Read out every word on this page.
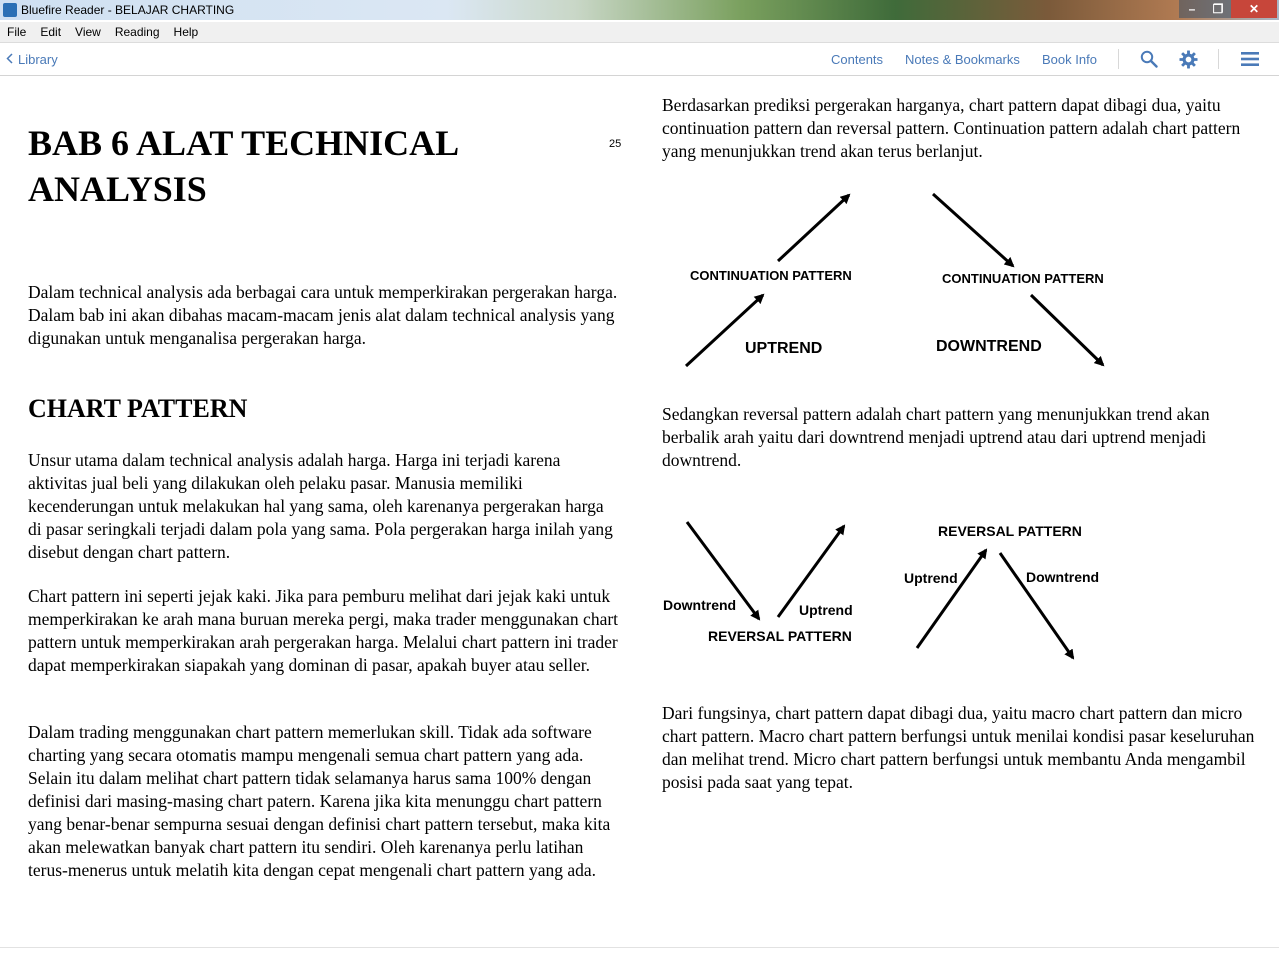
Bluefire Reader - BELAJAR CHARTING	–	❐	✕
File	Edit	View	Reading	Help
Library	Contents Notes & Bookmarks Book Info
BAB 6 ALAT TECHNICAL ANALYSIS
25

Dalam technical analysis ada berbagai cara untuk memperkirakan pergerakan harga. Dalam bab ini akan dibahas macam-macam jenis alat dalam technical analysis yang digunakan untuk menganalisa pergerakan harga.

CHART PATTERN

Unsur utama dalam technical analysis adalah harga. Harga ini terjadi karena aktivitas jual beli yang dilakukan oleh pelaku pasar. Manusia memiliki kecenderungan untuk melakukan hal yang sama, oleh karenanya pergerakan harga di pasar seringkali terjadi dalam pola yang sama. Pola pergerakan harga inilah yang disebut dengan chart pattern.

Chart pattern ini seperti jejak kaki. Jika para pemburu melihat dari jejak kaki untuk memperkirakan ke arah mana buruan mereka pergi, maka trader menggunakan chart pattern untuk memperkirakan arah pergerakan harga. Melalui chart pattern ini trader dapat memperkirakan siapakah yang dominan di pasar, apakah buyer atau seller.

Dalam trading menggunakan chart pattern memerlukan skill. Tidak ada software charting yang secara otomatis mampu mengenali semua chart pattern yang ada. Selain itu dalam melihat chart pattern tidak selamanya harus sama 100% dengan definisi dari masing-masing chart patern. Karena jika kita menunggu chart pattern yang benar-benar sempurna sesuai dengan definisi chart pattern tersebut, maka kita akan melewatkan banyak chart pattern itu sendiri. Oleh karenanya perlu latihan terus-menerus untuk melatih kita dengan cepat mengenali chart pattern yang ada.

Berdasarkan prediksi pergerakan harganya, chart pattern dapat dibagi dua, yaitu continuation pattern dan reversal pattern. Continuation pattern adalah chart pattern yang menunjukkan trend akan terus berlanjut.

CONTINUATION PATTERN
UPTREND
CONTINUATION PATTERN
DOWNTREND

Sedangkan reversal pattern adalah chart pattern yang menunjukkan trend akan berbalik arah yaitu dari downtrend menjadi uptrend atau dari uptrend menjadi downtrend.

Downtrend	Uptrend
REVERSAL PATTERN
REVERSAL PATTERN
Uptrend	Downtrend

Dari fungsinya, chart pattern dapat dibagi dua, yaitu macro chart pattern dan micro chart pattern. Macro chart pattern berfungsi untuk menilai kondisi pasar keseluruhan dan melihat trend. Micro chart pattern berfungsi untuk membantu Anda mengambil posisi pada saat yang tepat.
